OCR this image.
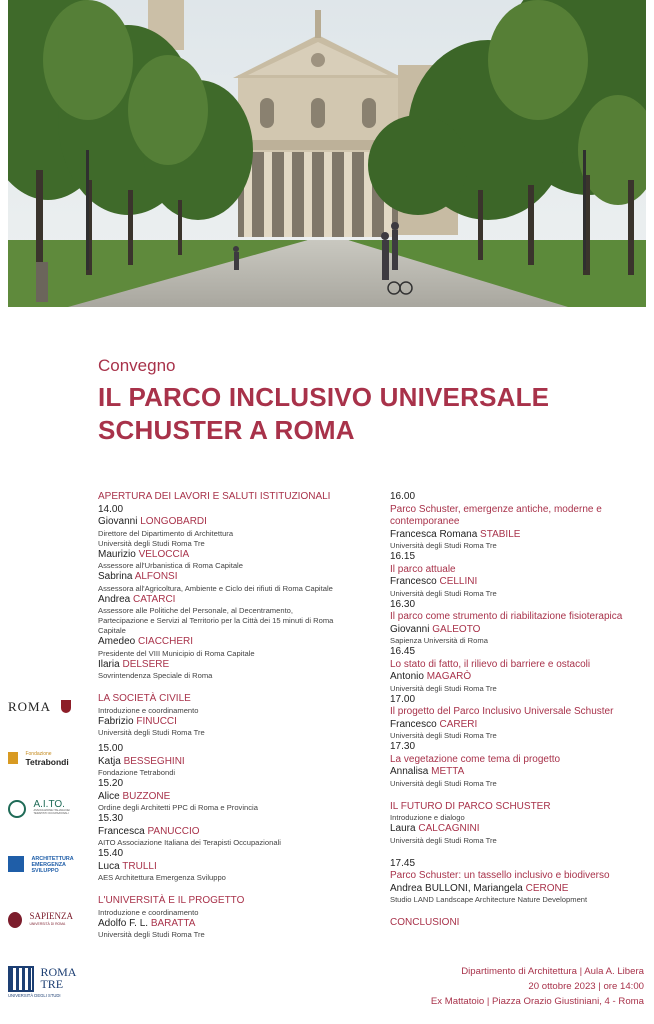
Convegno
IL PARCO INCLUSIVO UNIVERSALE
SCHUSTER A ROMA
APERTURA DEI LAVORI E SALUTI ISTITUZIONALI
14.00
Giovanni LONGOBARDI
Direttore del Dipartimento di Architettura
Università degli Studi Roma Tre
Maurizio VELOCCIA
Assessore all'Urbanistica di Roma Capitale
Sabrina ALFONSI
Assessora all'Agricoltura, Ambiente e Ciclo dei rifiuti di Roma Capitale
Andrea CATARCI
Assessore alle Politiche del Personale, al Decentramento,
Partecipazione e Servizi al Territorio per la Città dei 15 minuti di Roma
Capitale
Amedeo CIACCHERI
Presidente del VIII Municipio di Roma Capitale
Ilaria DELSERE
Sovrintendenza Speciale di Roma
LA SOCIETÀ CIVILE
Introduzione e coordinamento
Fabrizio FINUCCI
Università degli Studi Roma Tre
15.00
Katja BESSEGHINI
Fondazione Tetrabondi
15.20
Alice BUZZONE
Ordine degli Architetti PPC di Roma e Provincia
15.30
Francesca PANUCCIO
AITO Associazione Italiana dei Terapisti Occupazionali
15.40
Luca TRULLI
AES Architettura Emergenza Sviluppo
L'UNIVERSITÀ E IL PROGETTO
Introduzione e coordinamento
Adolfo F. L. BARATTA
Università degli Studi Roma Tre
16.00
Parco Schuster, emergenze antiche, moderne e
contemporanee
Francesca Romana STABILE
Università degli Studi Roma Tre
16.15
Il parco attuale
Francesco CELLINI
Università degli Studi Roma Tre
16.30
Il parco come strumento di riabilitazione fisioterapica
Giovanni GALEOTO
Sapienza Università di Roma
16.45
Lo stato di fatto, il rilievo di barriere e ostacoli
Antonio MAGARÒ
Università degli Studi Roma Tre
17.00
Il progetto del Parco Inclusivo Universale Schuster
Francesco CARERI
Università degli Studi Roma Tre
17.30
La vegetazione come tema di progetto
Annalisa METTA
Università degli Studi Roma Tre
IL FUTURO DI PARCO SCHUSTER
Introduzione e dialogo
Laura CALCAGNINI
Università degli Studi Roma Tre
17.45
Parco Schuster: un tassello inclusivo e biodiverso
Andrea BULLONI, Mariangela CERONE
Studio LAND Landscape Architecture Nature Development
CONCLUSIONI
ROMA

Fondazione
Tetrabondi

A.I.TO.
ASSOCIAZIONE ITALIANA DEI TERAPISTI OCCUPAZIONALI

ARCHITETTURA
EMERGENZA
SVILUPPO

SAPIENZA
UNIVERSITÀ DI ROMA

ROMA
TRE
UNIVERSITÀ DEGLI STUDI
Dipartimento di Architettura | Aula A. Libera
20 ottobre 2023 | ore 14:00
Ex Mattatoio | Piazza Orazio Giustiniani, 4 - Roma
